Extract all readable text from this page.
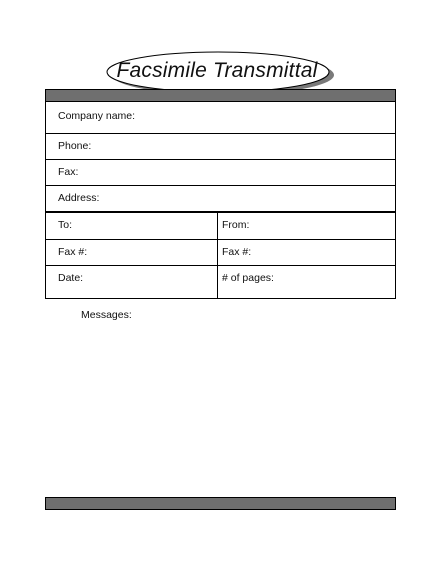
Facsimile Transmittal
Company name:
Phone:
Fax:
Address:
To:	From:
Fax #:	Fax #:
Date:	# of pages:
Messages:
